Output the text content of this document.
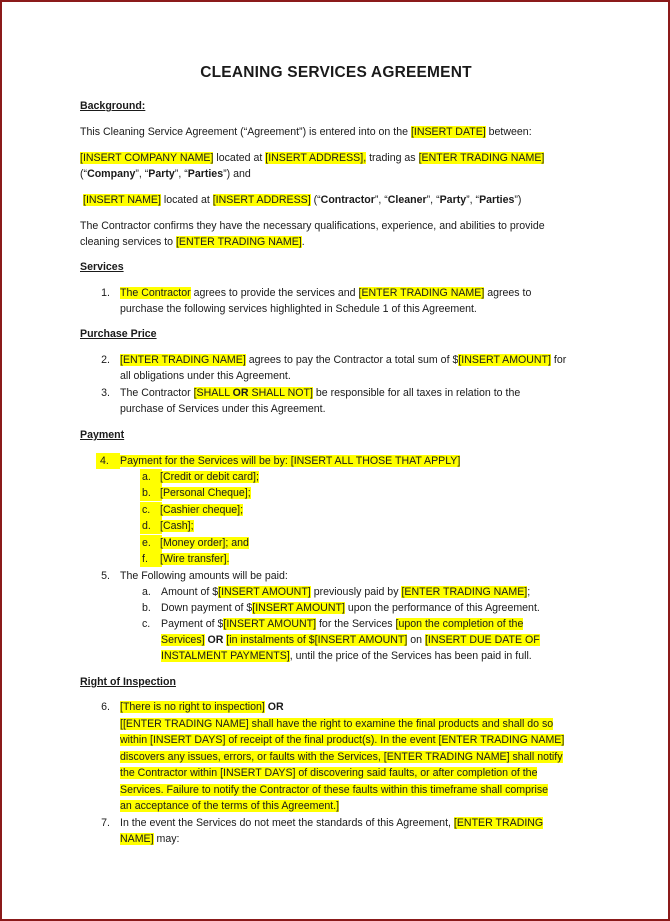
CLEANING SERVICES AGREEMENT
Background:
This Cleaning Service Agreement (“Agreement”) is entered into on the [INSERT DATE] between:
[INSERT COMPANY NAME] located at [INSERT ADDRESS], trading as [ENTER TRADING NAME]
(“Company”, “Party”, “Parties”) and
[INSERT NAME] located at [INSERT ADDRESS] (“Contractor”, “Cleaner”, “Party”, “Parties”)
The Contractor confirms they have the necessary qualifications, experience, and abilities to provide
cleaning services to [ENTER TRADING NAME].
Services
1. The Contractor agrees to provide the services and [ENTER TRADING NAME] agrees to
purchase the following services highlighted in Schedule 1 of this Agreement.
Purchase Price
2. [ENTER TRADING NAME] agrees to pay the Contractor a total sum of $[INSERT AMOUNT] for
all obligations under this Agreement.
3. The Contractor [SHALL OR SHALL NOT] be responsible for all taxes in relation to the
purchase of Services under this Agreement.
Payment
4.	Payment for the Services will be by: [INSERT ALL THOSE THAT APPLY]
a. [Credit or debit card];
b. [Personal Cheque];
c. [Cashier cheque];
d. [Cash];
e. [Money order]; and
f.	[Wire transfer].
5. The Following amounts will be paid:
a. Amount of $[INSERT AMOUNT] previously paid by [ENTER TRADING NAME];
b. Down payment of $[INSERT AMOUNT] upon the performance of this Agreement.
c.	Payment of $[INSERT AMOUNT] for the Services [upon the completion of the
Services] OR [in instalments of $[INSERT AMOUNT] on [INSERT DUE DATE OF
INSTALMENT PAYMENTS], until the price of the Services has been paid in full.
Right of Inspection
6. [There is no right to inspection] OR
[[ENTER TRADING NAME] shall have the right to examine the final products and shall do so
within [INSERT DAYS] of receipt of the final product(s). In the event [ENTER TRADING NAME]
discovers any issues, errors, or faults with the Services, [ENTER TRADING NAME] shall notify
the Contractor within [INSERT DAYS] of discovering said faults, or after completion of the
Services. Failure to notify the Contractor of these faults within this timeframe shall comprise
an acceptance of the terms of this Agreement.]
7. In the event the Services do not meet the standards of this Agreement, [ENTER TRADING
NAME] may:
